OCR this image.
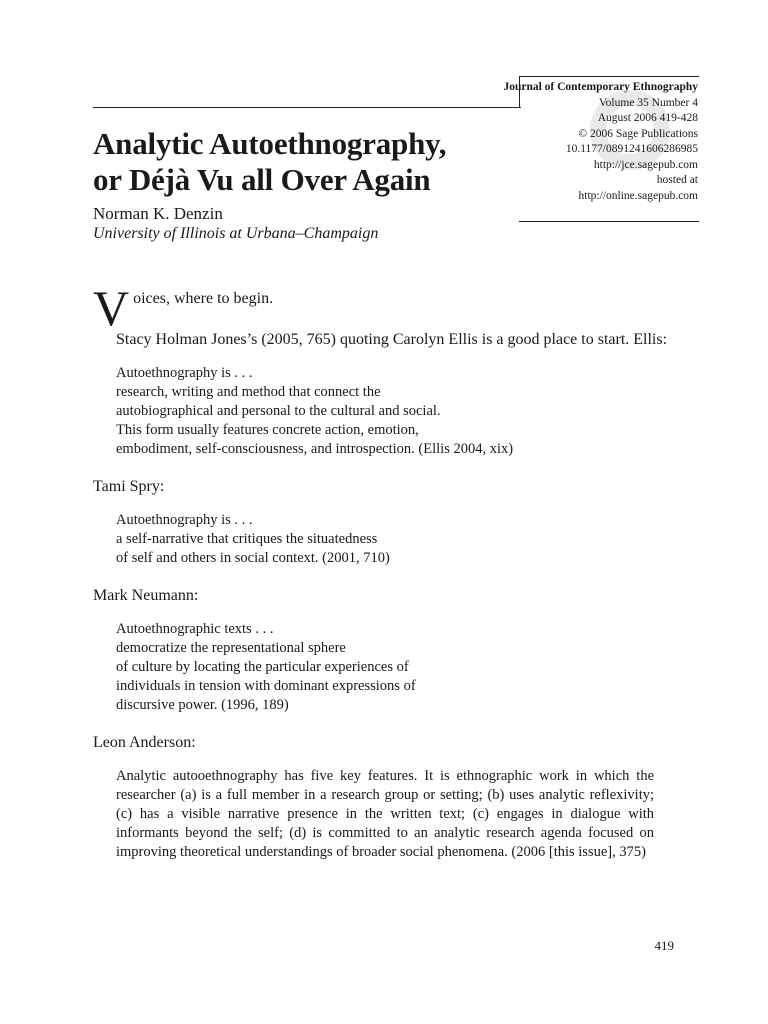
Journal of Contemporary Ethnography
Volume 35 Number 4
August 2006 419-428
© 2006 Sage Publications
10.1177/0891241606286985
http://jce.sagepub.com
hosted at
http://online.sagepub.com
Analytic Autoethnography,
or Déjà Vu all Over Again
Norman K. Denzin
University of Illinois at Urbana–Champaign
V oices, where to begin.

Stacy Holman Jones’s (2005, 765) quoting Carolyn Ellis is a good place to start. Ellis:

Autoethnography is . . .
research, writing and method that connect the
autobiographical and personal to the cultural and social.
This form usually features concrete action, emotion,
embodiment, self-consciousness, and introspection. (Ellis 2004, xix)

Tami Spry:

Autoethnography is . . .
a self-narrative that critiques the situatedness
of self and others in social context. (2001, 710)

Mark Neumann:

Autoethnographic texts . . .
democratize the representational sphere
of culture by locating the particular experiences of
individuals in tension with dominant expressions of
discursive power. (1996, 189)

Leon Anderson:

Analytic autooethnography has five key features. It is ethnographic work in which the researcher (a) is a full member in a research group or setting; (b) uses analytic reflexivity; (c) has a visible narrative presence in the written text; (c) engages in dialogue with informants beyond the self; (d) is committed to an analytic research agenda focused on improving theoretical understandings of broader social phenomena. (2006 [this issue], 375)
419
